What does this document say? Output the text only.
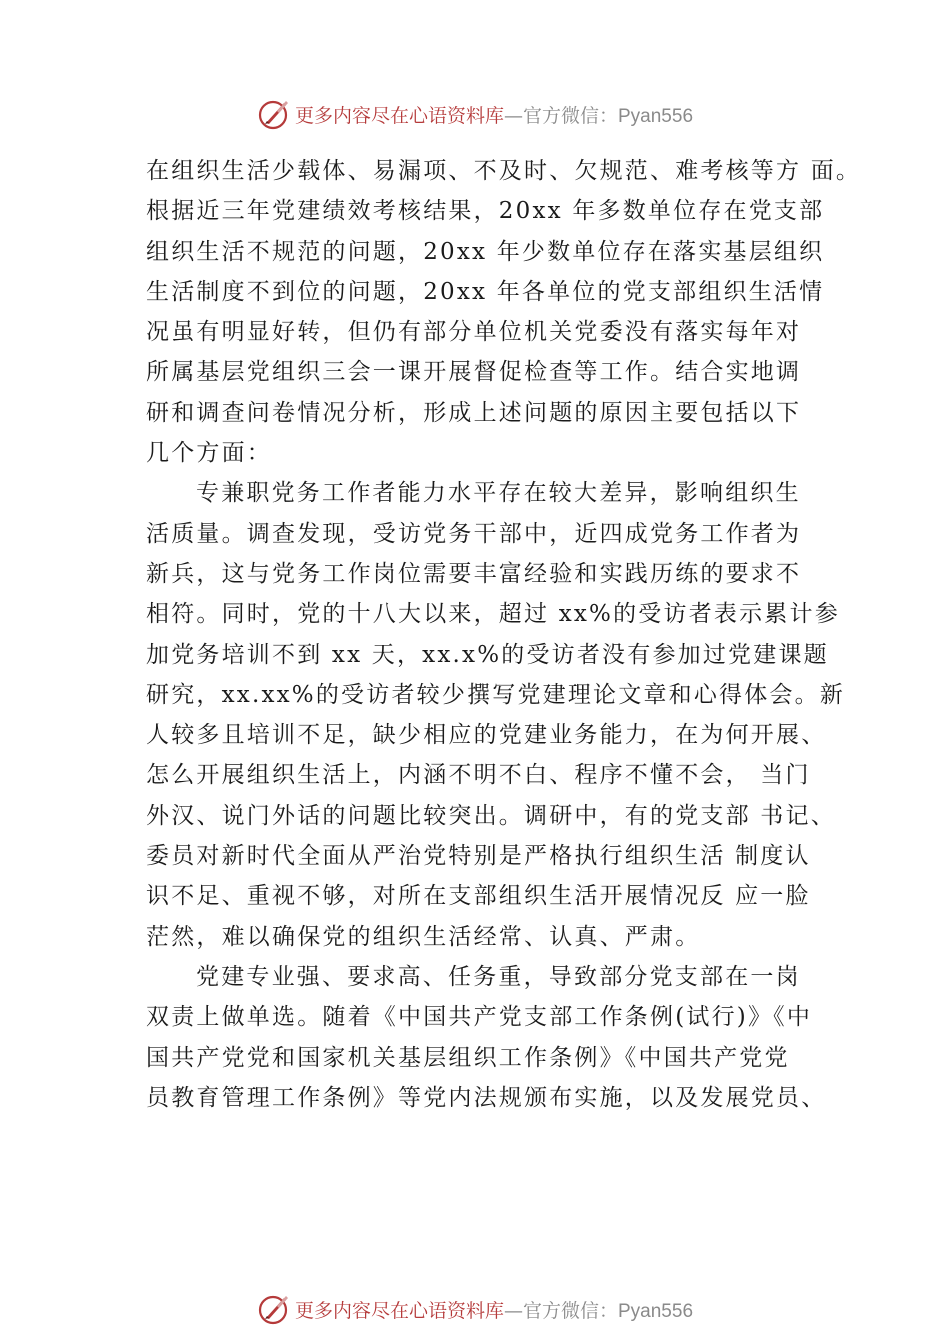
更多内容尽在心语资料库—官方微信：Pyan556
在组织生活少载体、易漏项、不及时、欠规范、难考核等方 面。
根据近三年党建绩效考核结果，20xx 年多数单位存在党支部
组织生活不规范的问题，20xx 年少数单位存在落实基层组织
生活制度不到位的问题，20xx 年各单位的党支部组织生活情
况虽有明显好转，但仍有部分单位机关党委没有落实每年对
所属基层党组织三会一课开展督促检查等工作。结合实地调
研和调查问卷情况分析，形成上述问题的原因主要包括以下
几个方面：
专兼职党务工作者能力水平存在较大差异，影响组织生
活质量。调查发现，受访党务干部中，近四成党务工作者为
新兵，这与党务工作岗位需要丰富经验和实践历练的要求不
相符。同时，党的十八大以来，超过 xx%的受访者表示累计参
加党务培训不到 xx 天，xx.x%的受访者没有参加过党建课题
研究，xx.xx%的受访者较少撰写党建理论文章和心得体会。新
人较多且培训不足，缺少相应的党建业务能力，在为何开展、
怎么开展组织生活上，内涵不明不白、程序不懂不会， 当门
外汉、说门外话的问题比较突出。调研中，有的党支部 书记、
委员对新时代全面从严治党特别是严格执行组织生活 制度认
识不足、重视不够，对所在支部组织生活开展情况反 应一脸
茫然，难以确保党的组织生活经常、认真、严肃。
党建专业强、要求高、任务重，导致部分党支部在一岗
双责上做单选。随着《中国共产党支部工作条例(试行)》《中
国共产党党和国家机关基层组织工作条例》《中国共产党党
员教育管理工作条例》等党内法规颁布实施，以及发展党员、
更多内容尽在心语资料库—官方微信：Pyan556
